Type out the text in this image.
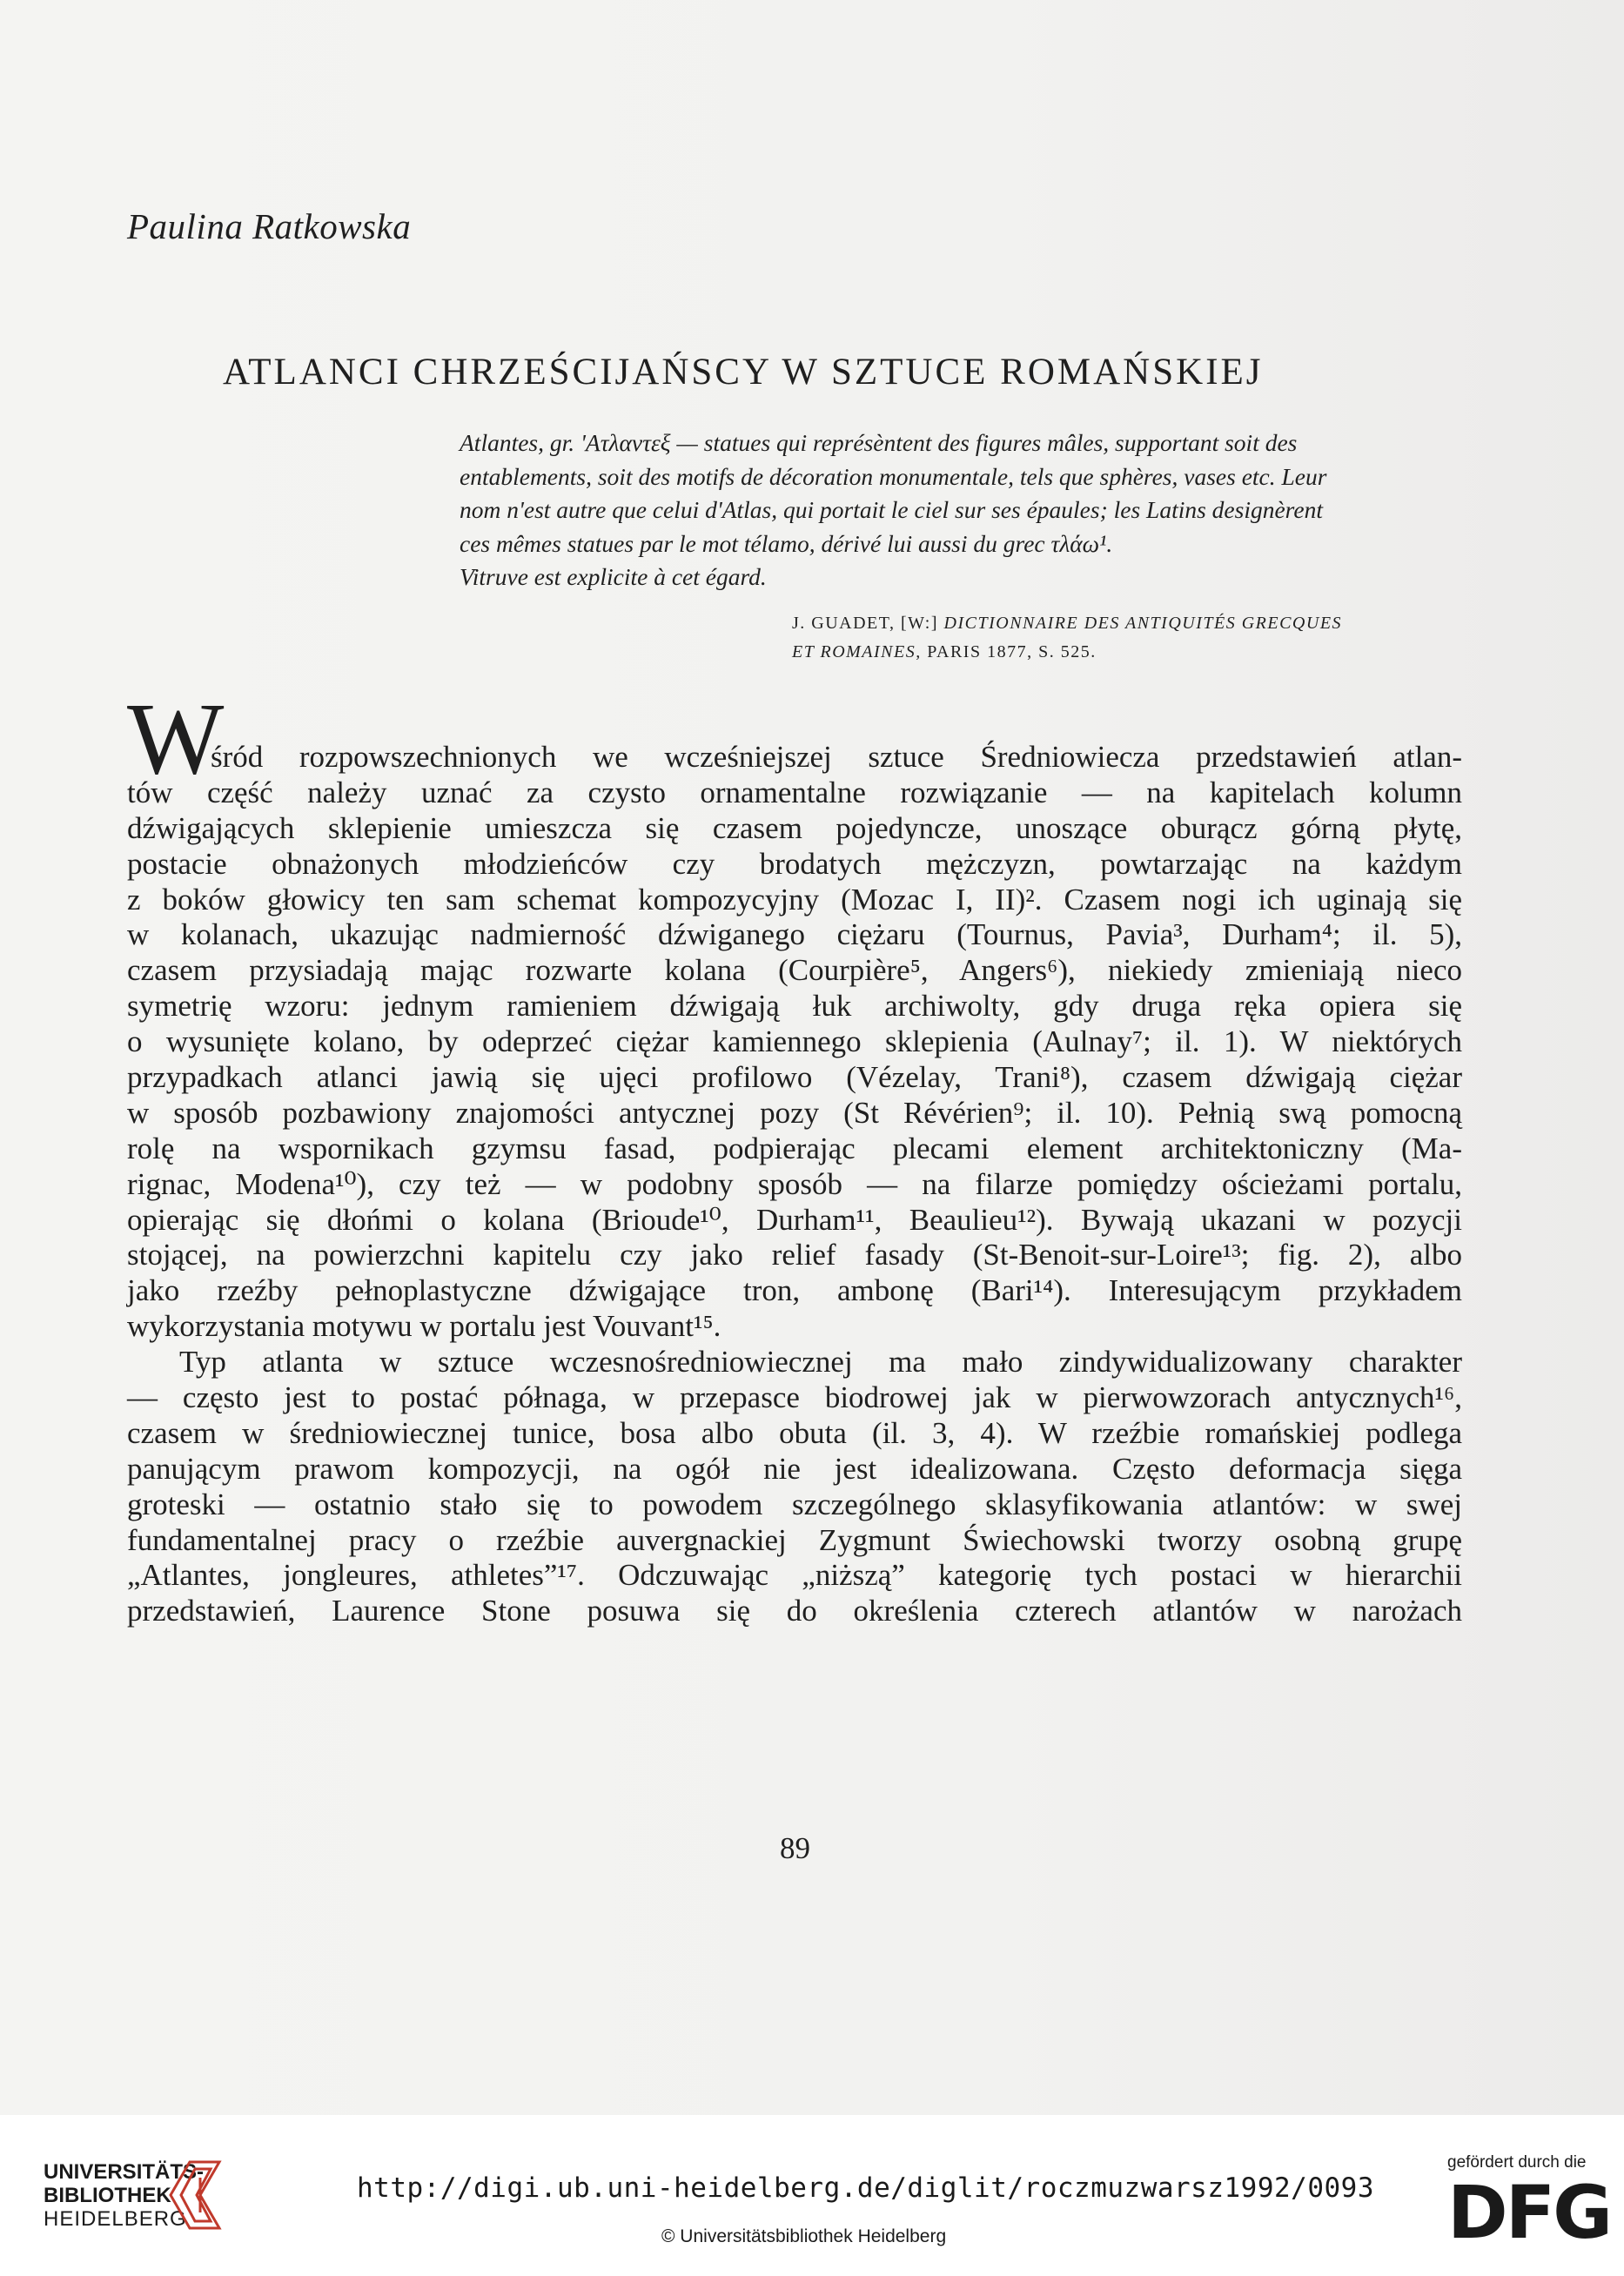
Paulina Ratkowska
ATLANCI CHRZEŚCIJAŃSCY W SZTUCE ROMAŃSKIEJ

Atlantes, gr. 'Ατλαντεξ — statues qui représèntent des figures mâles, supportant soit des

entablements, soit des motifs de décoration monumentale, tels que sphères, vases etc. Leur

nom n'est autre que celui d'Atlas, qui portait le ciel sur ses épaules; les Latins designèrent

ces mêmes statues par le mot télamo, dérivé lui aussi du grec τλάω¹.

Vitruve est explicite à cet égard.

J. GUADET, [W:] DICTIONNAIRE DES ANTIQUITÉS GRECQUES

ET ROMAINES, PARIS 1877, S. 525.

W
śród rozpowszechnionych we wcześniejszej sztuce Średniowiecza przedstawień atlan-
tów część należy uznać za czysto ornamentalne rozwiązanie — na kapitelach kolumn
dźwigających sklepienie umieszcza się czasem pojedyncze, unoszące oburącz górną płytę,
postacie obnażonych młodzieńców czy brodatych mężczyzn, powtarzając na każdym
z boków głowicy ten sam schemat kompozycyjny (Mozac I, II)². Czasem nogi ich uginają się
w kolanach, ukazując nadmierność dźwiganego ciężaru (Tournus, Pavia³, Durham⁴; il. 5),
czasem przysiadają mając rozwarte kolana (Courpière⁵, Angers⁶), niekiedy zmieniają nieco
symetrię wzoru: jednym ramieniem dźwigają łuk archiwolty, gdy druga ręka opiera się
o wysunięte kolano, by odeprzeć ciężar kamiennego sklepienia (Aulnay⁷; il. 1). W niektórych
przypadkach atlanci jawią się ujęci profilowo (Vézelay, Trani⁸), czasem dźwigają ciężar
w sposób pozbawiony znajomości antycznej pozy (St Révérien⁹; il. 10). Pełnią swą pomocną
rolę na wspornikach gzymsu fasad, podpierając plecami element architektoniczny (Ma-
rignac, Modena¹⁰), czy też — w podobny sposób — na filarze pomiędzy ościeżami portalu,
opierając się dłońmi o kolana (Brioude¹⁰, Durham¹¹, Beaulieu¹²). Bywają ukazani w pozycji
stojącej, na powierzchni kapitelu czy jako relief fasady (St-Benoit-sur-Loire¹³; fig. 2), albo
jako rzeźby pełnoplastyczne dźwigające tron, ambonę (Bari¹⁴). Interesującym przykładem
wykorzystania motywu w portalu jest Vouvant¹⁵.
Typ atlanta w sztuce wczesnośredniowiecznej ma mało zindywidualizowany charakter
— często jest to postać półnaga, w przepasce biodrowej jak w pierwowzorach antycznych¹⁶,
czasem w średniowiecznej tunice, bosa albo obuta (il. 3, 4). W rzeźbie romańskiej podlega
panującym prawom kompozycji, na ogół nie jest idealizowana. Często deformacja sięga
groteski — ostatnio stało się to powodem szczególnego sklasyfikowania atlantów: w swej
fundamentalnej pracy o rzeźbie auvergnackiej Zygmunt Świechowski tworzy osobną grupę
„Atlantes, jongleures, athletes”¹⁷. Odczuwając „niższą” kategorię tych postaci w hierarchii
przedstawień, Laurence Stone posuwa się do określenia czterech atlantów w narożach
89
UNIVERSITÄTS-
BIBLIOTHEK
HEIDELBERG
http://digi.ub.uni-heidelberg.de/diglit/roczmuzwarsz1992/0093
© Universitätsbibliothek Heidelberg
gefördert durch die
DFG
